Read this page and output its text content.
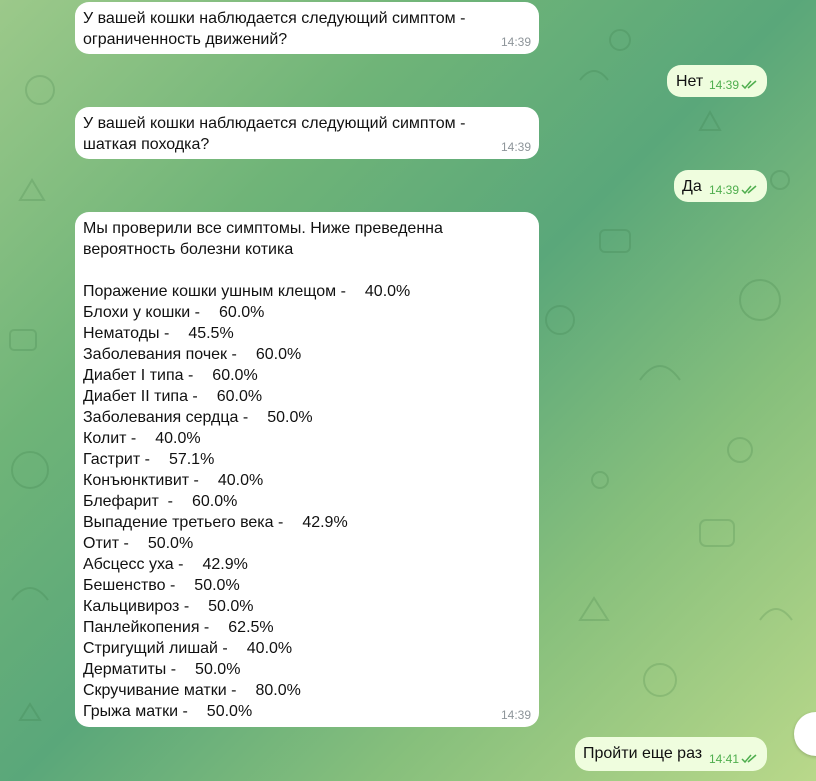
У вашей кошки наблюдается следующий симптом -
ограниченность движений?	14:39
Нет 14:39
У вашей кошки наблюдается следующий симптом -
шаткая походка?	14:39
Да 14:39
Мы проверили все симптомы. Ниже преведенна
вероятность болезни котика
Поражение кошки ушным клещом - 40.0%
Блохи у кошки - 60.0%
Нематоды - 45.5%
Заболевания почек - 60.0%
Диабет I типа - 60.0%
Диабет II типа - 60.0%
Заболевания сердца - 50.0%
Колит - 40.0%
Гастрит - 57.1%
Конъюнктивит - 40.0%
Блефарит  - 60.0%
Выпадение третьего века - 42.9%
Отит - 50.0%
Абсцесс уха - 42.9%
Бешенство - 50.0%
Кальцивироз - 50.0%
Панлейкопения - 62.5%
Стригущий лишай - 40.0%
Дерматиты - 50.0%
Скручивание матки - 80.0%
Грыжа матки - 50.0%	14:39
Пройти еще раз 14:41
